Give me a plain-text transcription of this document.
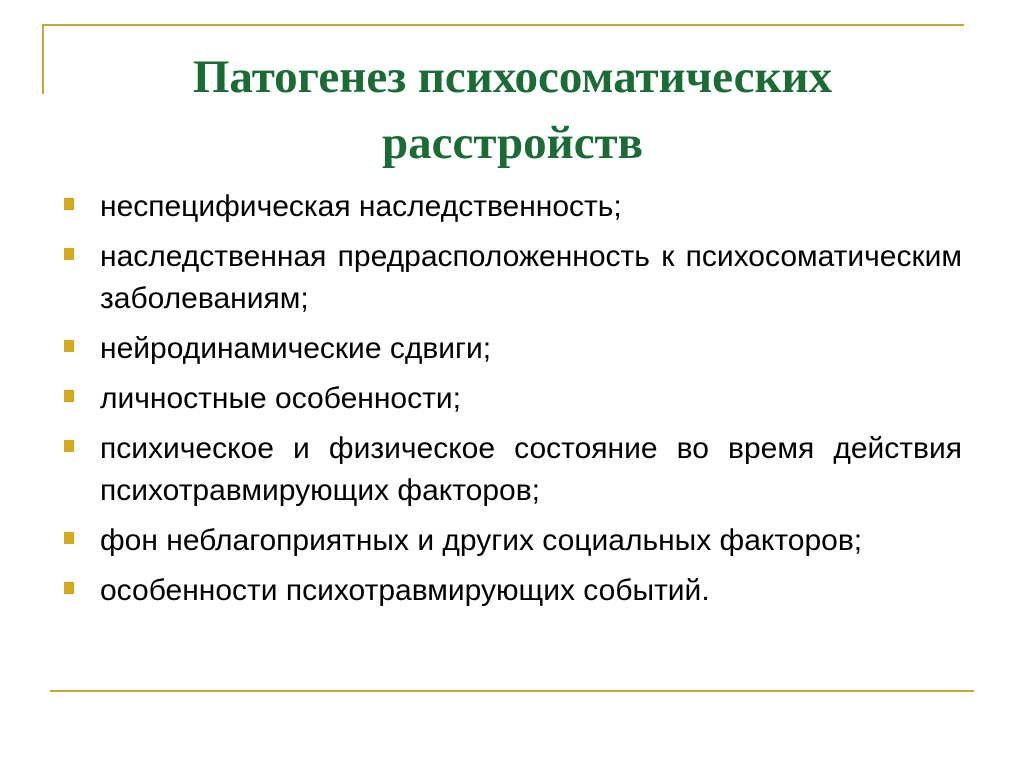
Патогенез психосоматических расстройств
неспецифическая наследственность;
наследственная предрасположенность к психосоматическим заболеваниям;
нейродинамические сдвиги;
личностные особенности;
психическое и физическое состояние во время действия психотравмирующих факторов;
фон неблагоприятных и других социальных факторов;
особенности психотравмирующих событий.
